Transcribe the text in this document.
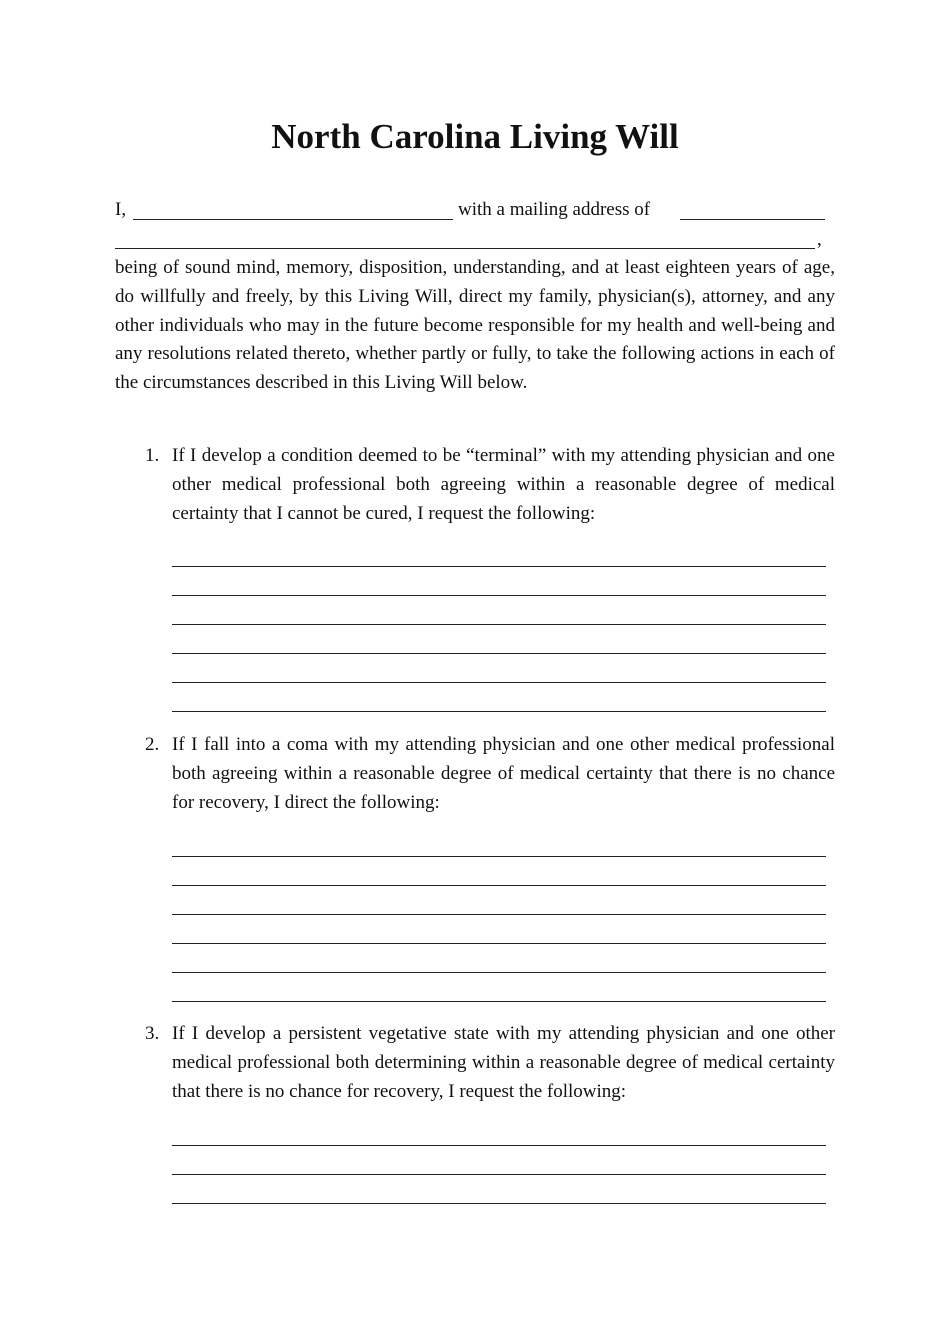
North Carolina Living Will
I,	with a mailing address of
,

being of sound mind, memory, disposition, understanding, and at least eighteen years of age, do willfully and freely, by this Living Will, direct my family, physician(s), attorney, and any other individuals who may in the future become responsible for my health and well-being and any resolutions related thereto, whether partly or fully, to take the following actions in each of the circumstances described in this Living Will below.

1. If I develop a condition deemed to be “terminal” with my attending physician and one other medical professional both agreeing within a reasonable degree of medical certainty that I cannot be cured, I request the following:

2. If I fall into a coma with my attending physician and one other medical professional both agreeing within a reasonable degree of medical certainty that there is no chance for recovery, I direct the following:

3. If I develop a persistent vegetative state with my attending physician and one other medical professional both determining within a reasonable degree of medical certainty that there is no chance for recovery, I request the following:
